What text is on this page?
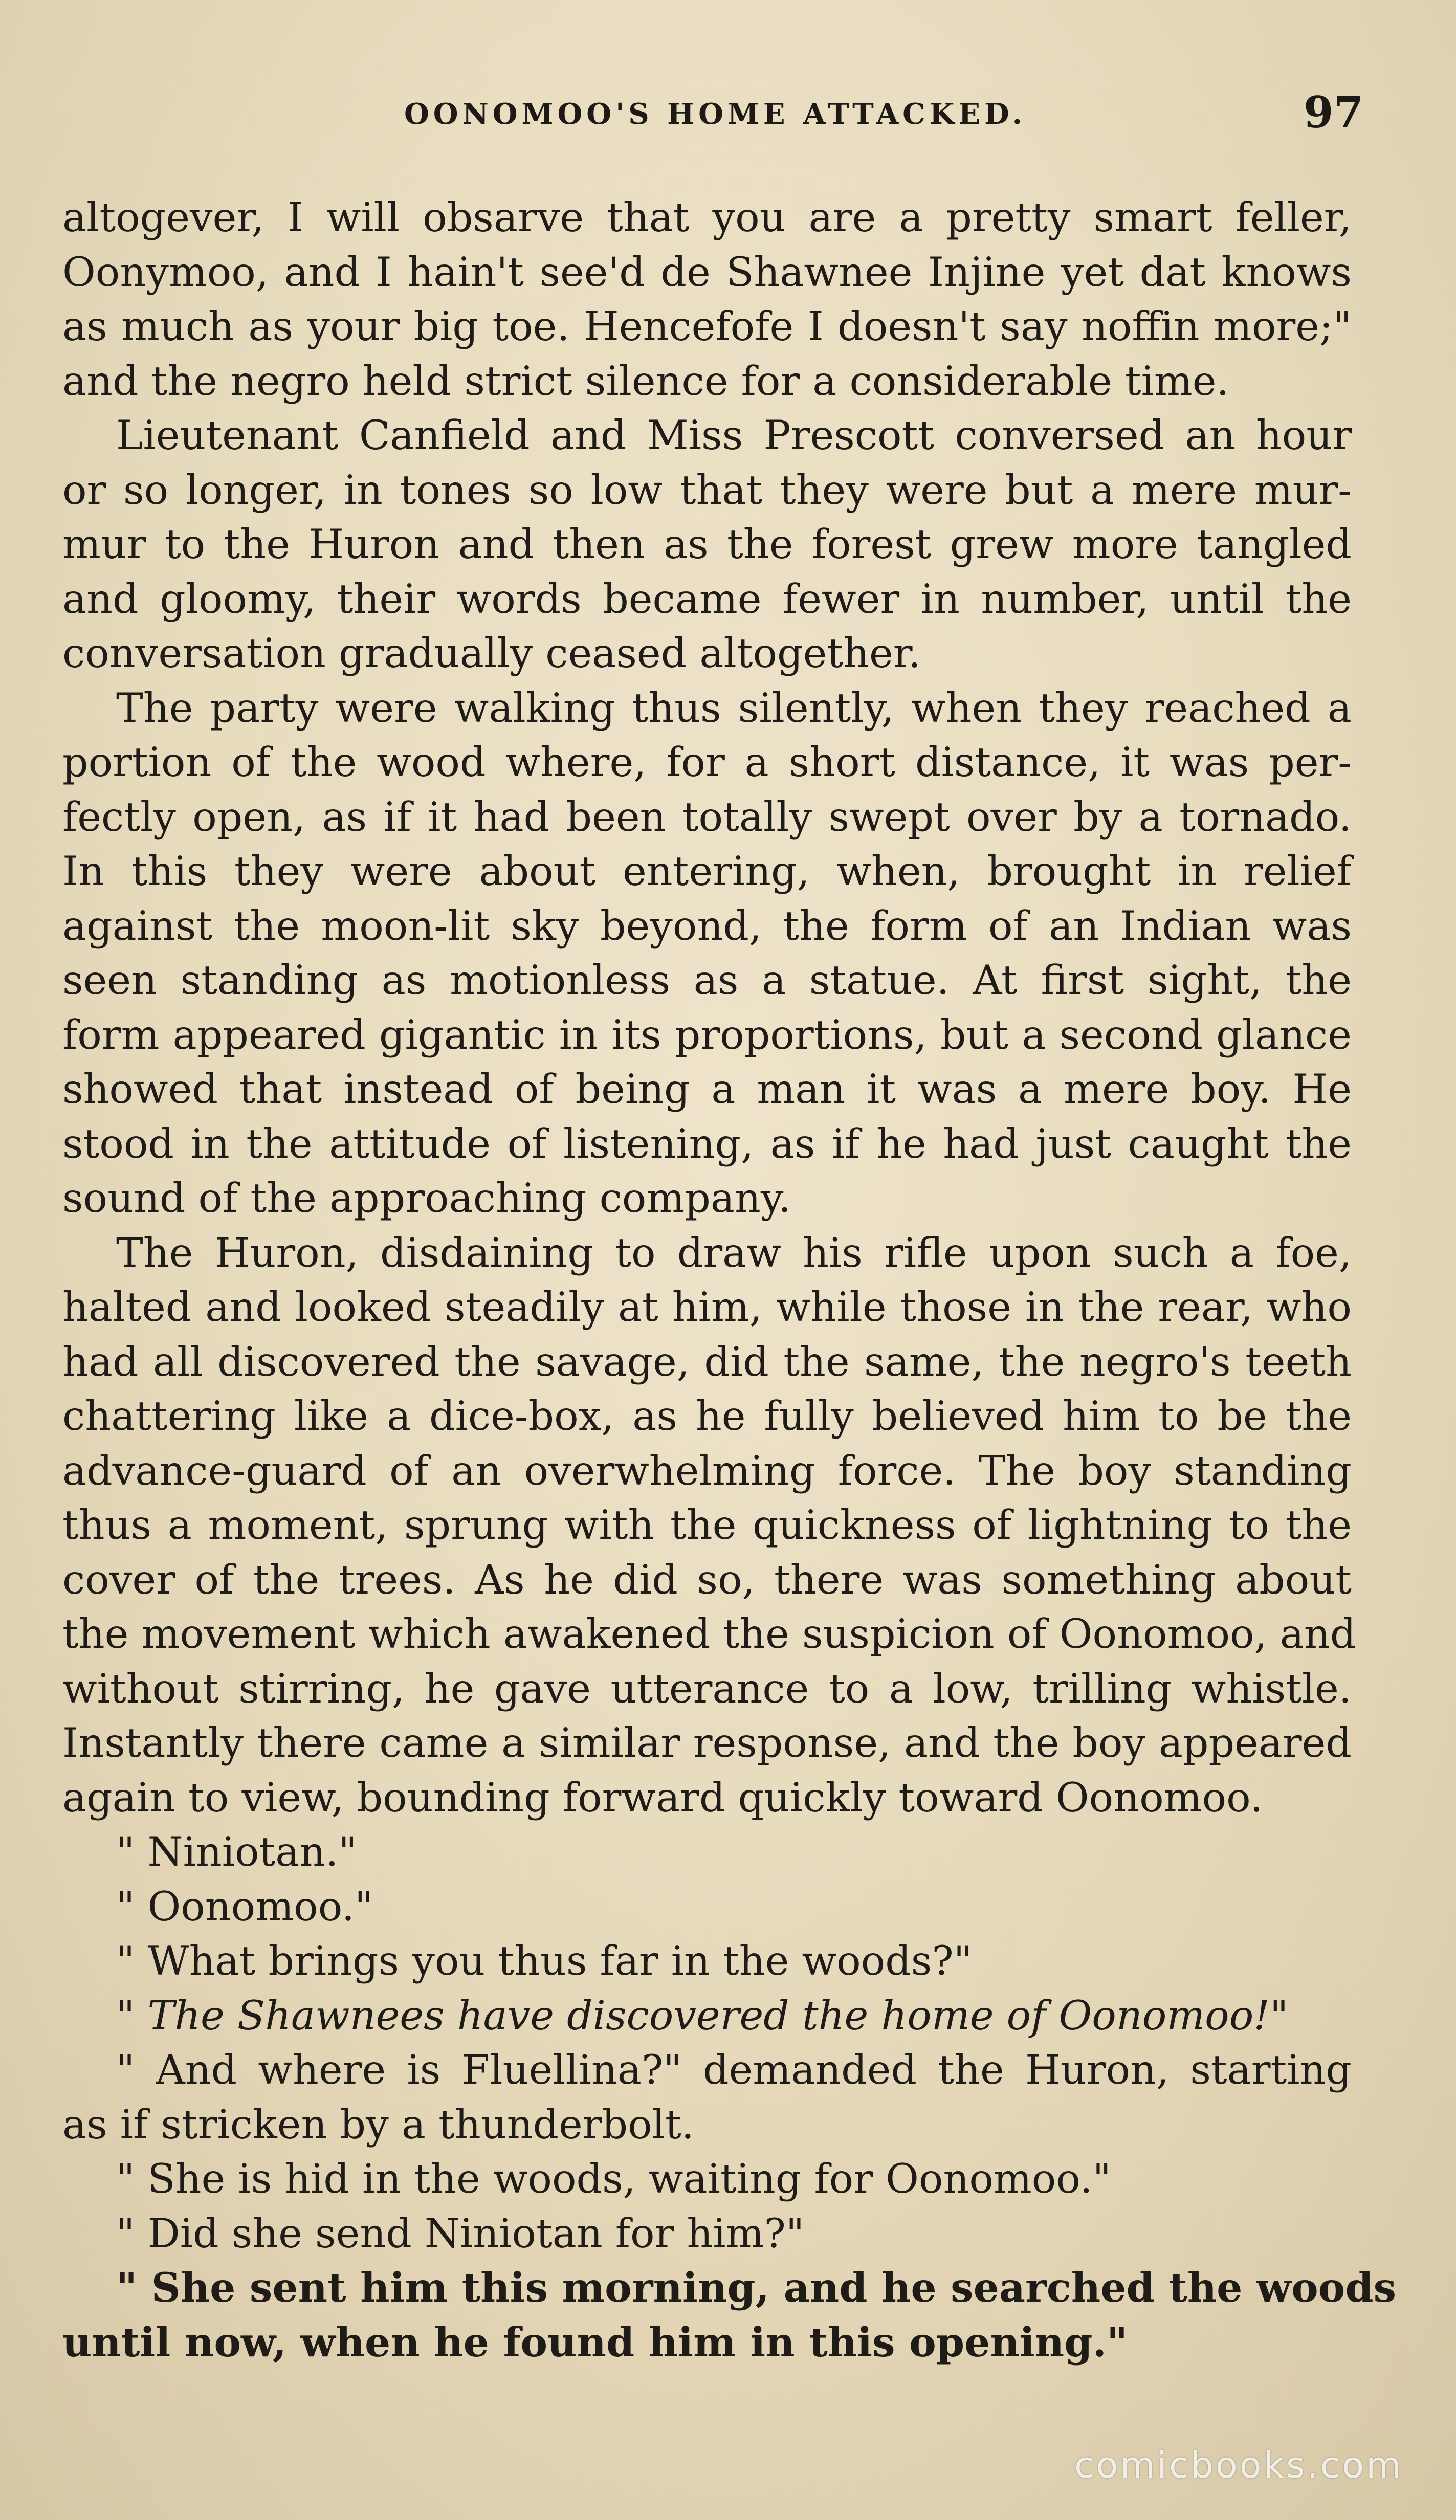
OONOMOO'S HOME ATTACKED.	97
altogever, I will obsarve that you are a pretty smart feller,
Oonymoo, and I hain't see'd de Shawnee Injine yet dat knows
as much as your big toe. Hencefofe I doesn't say noffin more;"
and the negro held strict silence for a considerable time.
Lieutenant Canfield and Miss Prescott conversed an hour
or so longer, in tones so low that they were but a mere mur-
mur to the Huron and then as the forest grew more tangled
and gloomy, their words became fewer in number, until the
conversation gradually ceased altogether.
The party were walking thus silently, when they reached a
portion of the wood where, for a short distance, it was per-
fectly open, as if it had been totally swept over by a tornado.
In this they were about entering, when, brought in relief
against the moon-lit sky beyond, the form of an Indian was
seen standing as motionless as a statue. At first sight, the
form appeared gigantic in its proportions, but a second glance
showed that instead of being a man it was a mere boy. He
stood in the attitude of listening, as if he had just caught the
sound of the approaching company.
The Huron, disdaining to draw his rifle upon such a foe,
halted and looked steadily at him, while those in the rear, who
had all discovered the savage, did the same, the negro's teeth
chattering like a dice-box, as he fully believed him to be the
advance-guard of an overwhelming force. The boy standing
thus a moment, sprung with the quickness of lightning to the
cover of the trees. As he did so, there was something about
the movement which awakened the suspicion of Oonomoo, and
without stirring, he gave utterance to a low, trilling whistle.
Instantly there came a similar response, and the boy appeared
again to view, bounding forward quickly toward Oonomoo.
" Niniotan."
" Oonomoo."
" What brings you thus far in the woods?"
" The Shawnees have discovered the home of Oonomoo!"
" And where is Fluellina?" demanded the Huron, starting
as if stricken by a thunderbolt.
" She is hid in the woods, waiting for Oonomoo."
" Did she send Niniotan for him?"
" She sent him this morning, and he searched the woods
until now, when he found him in this opening."
comicbooks.com
